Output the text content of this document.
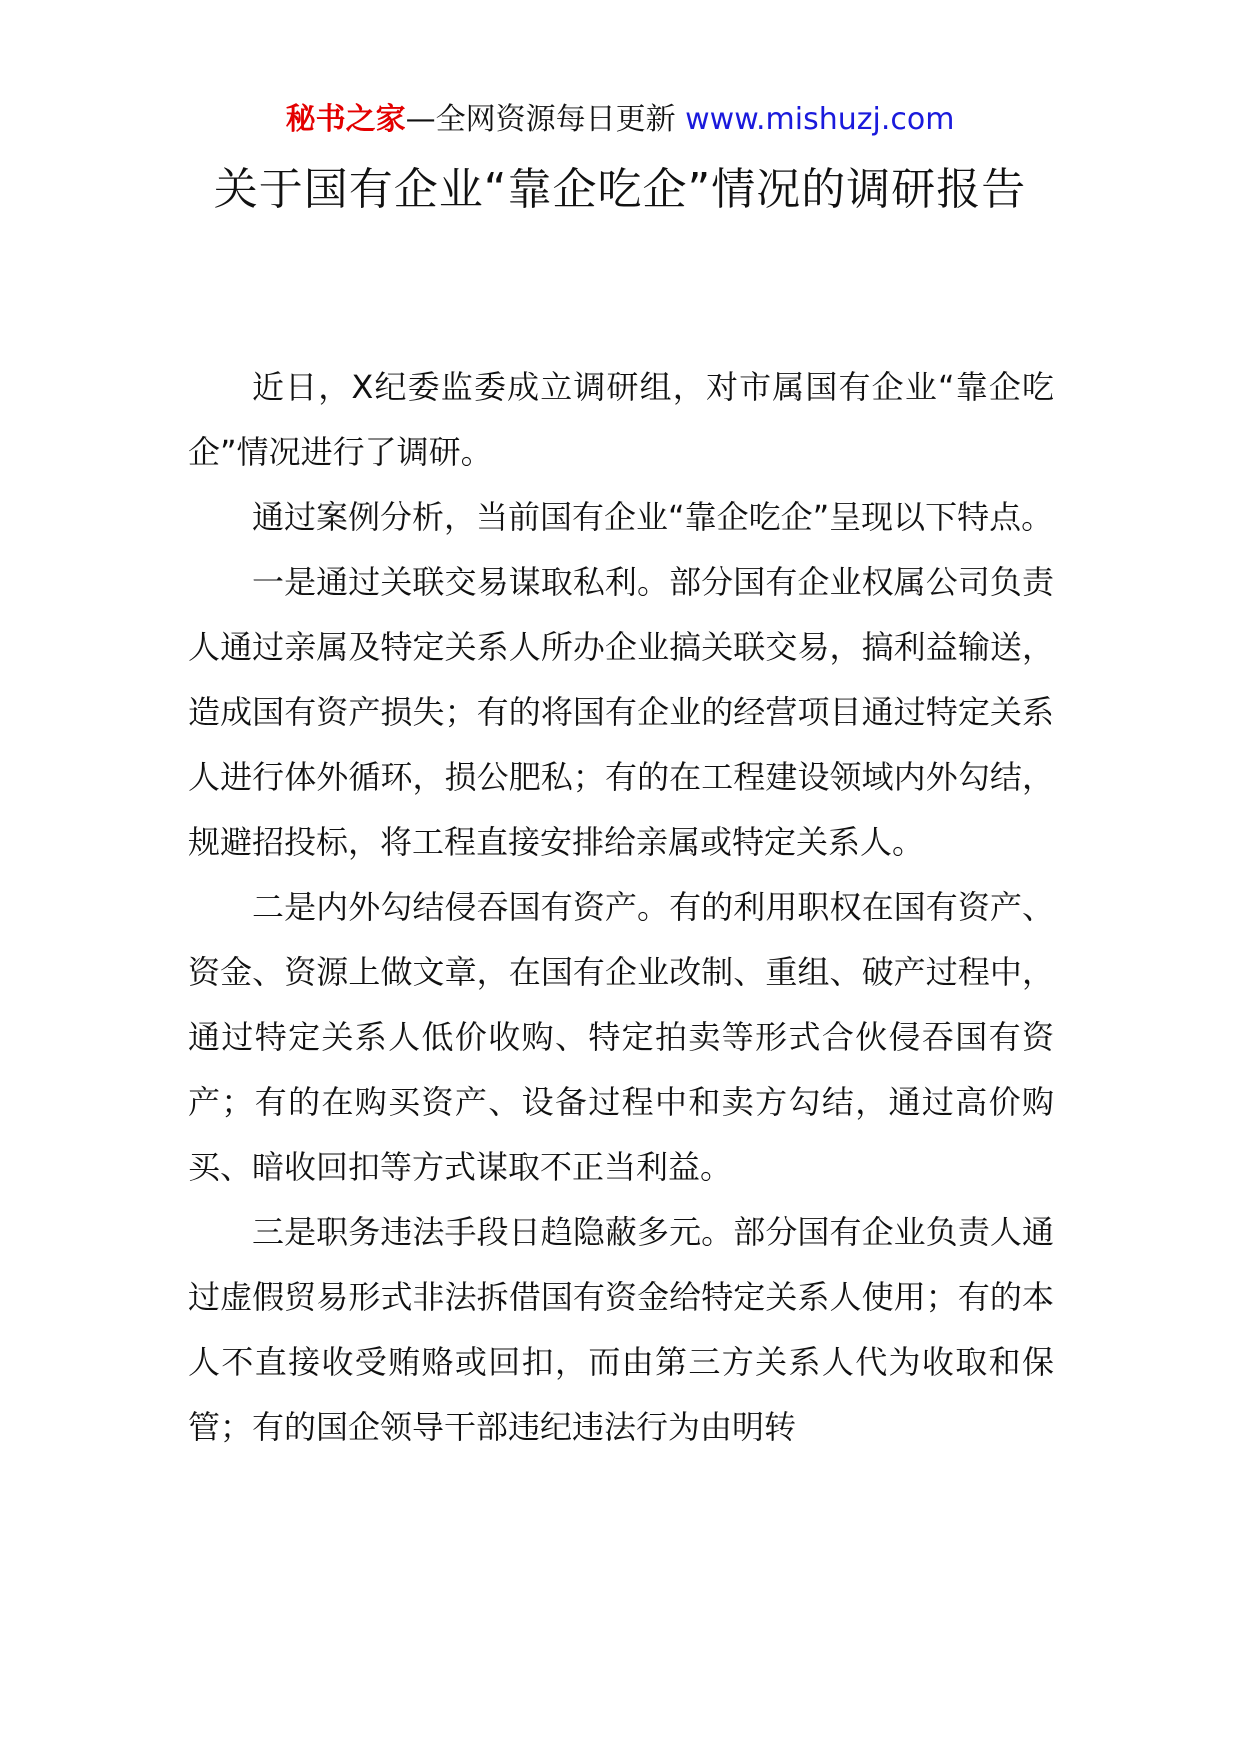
秘书之家—全网资源每日更新 www.mishuzj.com
关于国有企业“靠企吃企”情况的调研报告

近日，X纪委监委成立调研组，对市属国有企业“靠企吃企”情况进行了调研。

通过案例分析，当前国有企业“靠企吃企”呈现以下特点。

一是通过关联交易谋取私利。部分国有企业权属公司负责人通过亲属及特定关系人所办企业搞关联交易，搞利益输送，造成国有资产损失；有的将国有企业的经营项目通过特定关系人进行体外循环，损公肥私；有的在工程建设领域内外勾结，规避招投标，将工程直接安排给亲属或特定关系人。

二是内外勾结侵吞国有资产。有的利用职权在国有资产、资金、资源上做文章，在国有企业改制、重组、破产过程中，通过特定关系人低价收购、特定拍卖等形式合伙侵吞国有资产；有的在购买资产、设备过程中和卖方勾结，通过高价购买、暗收回扣等方式谋取不正当利益。

三是职务违法手段日趋隐蔽多元。部分国有企业负责人通过虚假贸易形式非法拆借国有资金给特定关系人使用；有的本人不直接收受贿赂或回扣，而由第三方关系人代为收取和保管；有的国企领导干部违纪违法行为由明转
